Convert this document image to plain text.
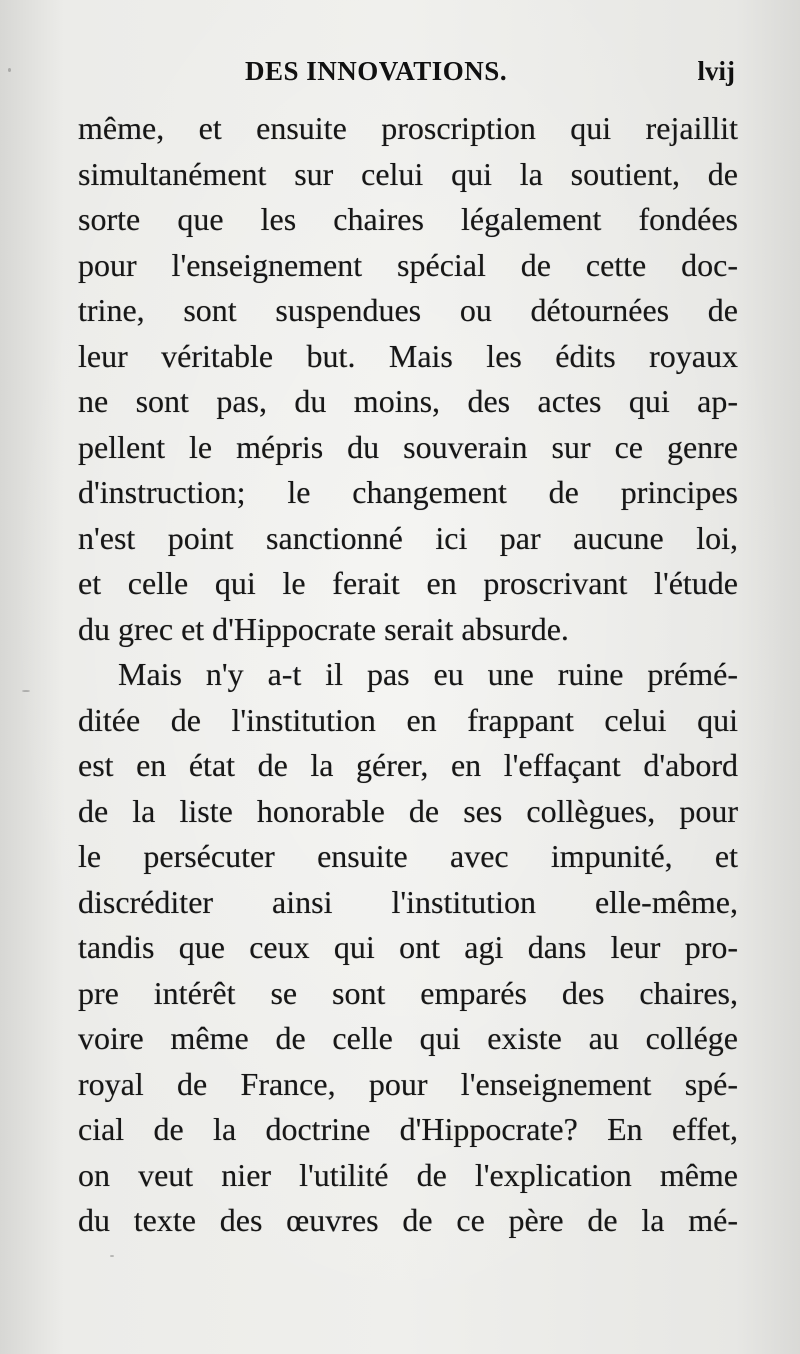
DES INNOVATIONS.	lvij
même, et ensuite proscription qui rejaillit
simultanément sur celui qui la soutient, de
sorte que les chaires légalement fondées
pour l'enseignement spécial de cette doc-
trine, sont suspendues ou détournées de
leur véritable but. Mais les édits royaux
ne sont pas, du moins, des actes qui ap-
pellent le mépris du souverain sur ce genre
d'instruction; le changement de principes
n'est point sanctionné ici par aucune loi,
et celle qui le ferait en proscrivant l'étude
du grec et d'Hippocrate serait absurde.
Mais n'y a-t il pas eu une ruine prémé-
ditée de l'institution en frappant celui qui
est en état de la gérer, en l'effaçant d'abord
de la liste honorable de ses collègues, pour
le persécuter ensuite avec impunité, et
discréditer ainsi l'institution elle-même,
tandis que ceux qui ont agi dans leur pro-
pre intérêt se sont emparés des chaires,
voire même de celle qui existe au collége
royal de France, pour l'enseignement spé-
cial de la doctrine d'Hippocrate? En effet,
on veut nier l'utilité de l'explication même
du texte des œuvres de ce père de la mé-
